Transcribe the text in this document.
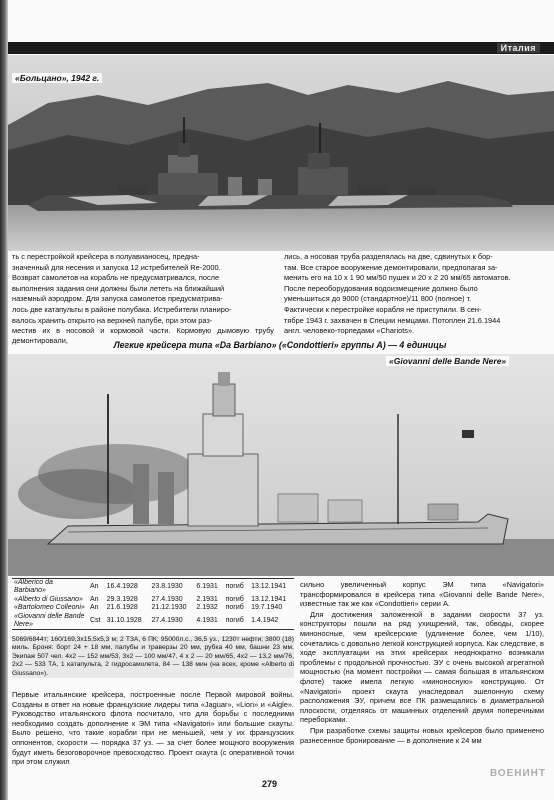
Италия
«Больцано», 1942 г.

ть с перестройкой крейсера в полуавианосец, предна-

значенный для несения и запуска 12 истребителей Re-2000.

Возврат самолетов на корабль не предусматривался, после

выполнения задания они должны были лететь на ближайший

наземный аэродром. Для запуска самолетов предусматрива-

лось две катапульты в районе полубака. Истребители планиро-

валось хранить открыто на верхней палубе, при этом раз-

местив их в носовой и кормовой части. Кормовую дымовую трубу демонтировали,

лись, а носовая труба разделялась на две, сдвинутых к бор-

там. Все старое вооружение демонтировали, предполагая за-

менить его на 10 х 1 90 мм/50 пушек и 20 х 2 20 мм/65 автоматов.

После переоборудования водоизмещение должно было

уменьшиться до 9000 (стандартное)/11 800 (полное) т.

Фактически к перестройке корабля не приступили. В сен-

тябре 1943 г. захвачен в Специи немцами. Потоплен 21.6.1944

англ. человеко-торпедами «Chariots».

Легкие крейсера типа «Da Barbiano» («Condottieri» группы А) — 4 единицы
«Giovanni delle Bande Nere»
«Alberico da Barbiano»	An	16.4.1928	23.8.1930	6.1931	погиб	13.12.1941
«Alberto di Giussano»	An	29.3.1928	27.4.1930	2.1931	погиб	13.12.1941
«Bartolomeo Colleoni»	An	21.6.1928	21.12.1930	2.1932	погиб	19.7.1940
«Giovanni delle Bande Nere»	Cst	31.10.1928	27.4.1930	4.1931	погиб	1.4.1942
5069/6844т; 160/169,3х15,5х5,3 м; 2 ТЗА, 6 ПК; 95000л.с., 36,5 уз., 1230т нефти; 3800 (18) миль. Броня: борт 24 + 18 мм, палубы и траверзы 20 мм, рубка 40 мм, башни 23 мм. Экипаж 507 чел. 4х2 — 152 мм/53, 3х2 — 100 мм/47, 4 х 2 — 20 мм/65, 4х2 — 13,2 мм/76, 2х2 — 533 ТА, 1 катапульта, 2 гидросамолета, 84 — 138 мин (на всех, кроме «Alberto di Giussano»).

Первые итальянские крейсера, построенные после Первой мировой войны. Созданы в ответ на новые французские лидеры типа «Jaguar», «Lion» и «Aigle». Руководство итальянского флота посчитало, что для борьбы с последними необходимо создать дополнение к ЭМ типа «Navigatori» или большие скауты. Было решено, что такие корабли при не меньшей, чем у их французских оппонентов, скорости — порядка 37 уз. — за счет более мощного вооружения будут иметь безоговорочное превосходство. Проект скаута (с оперативной точки при этом служил

сильно увеличенный корпус ЭМ типа «Navigatori» трансформировался в крейсера типа «Giovanni delle Bande Nere», известные так же как «Condottieri» серии А.

Для достижения заложенной в задании скорости 37 уз. конструкторы пошли на ряд ухищрений, так, обводы, скорее миноносные, чем крейсерские (удлинение более, чем 1/10), сочетались с довольно легкой конструкцией корпуса. Как следствие, в ходе эксплуатации на этих крейсерах неоднократно возникали проблемы с продольной прочностью. ЭУ с очень высокой агрегатной мощностью (на момент постройки — самая большая в итальянском флоте) также имела легкую «миноносную» конструкцию. От «Navigatori» проект скаута унаследовал эшелонную схему расположения ЭУ, причем все ПК размещались в диаметральной плоскости, отделяясь от машинных отделений двумя поперечными переборками.

При разработке схемы защиты новых крейсеров было применено разнесенное бронирование — в дополнение к 24 мм

279
ВОЕНИНТ
